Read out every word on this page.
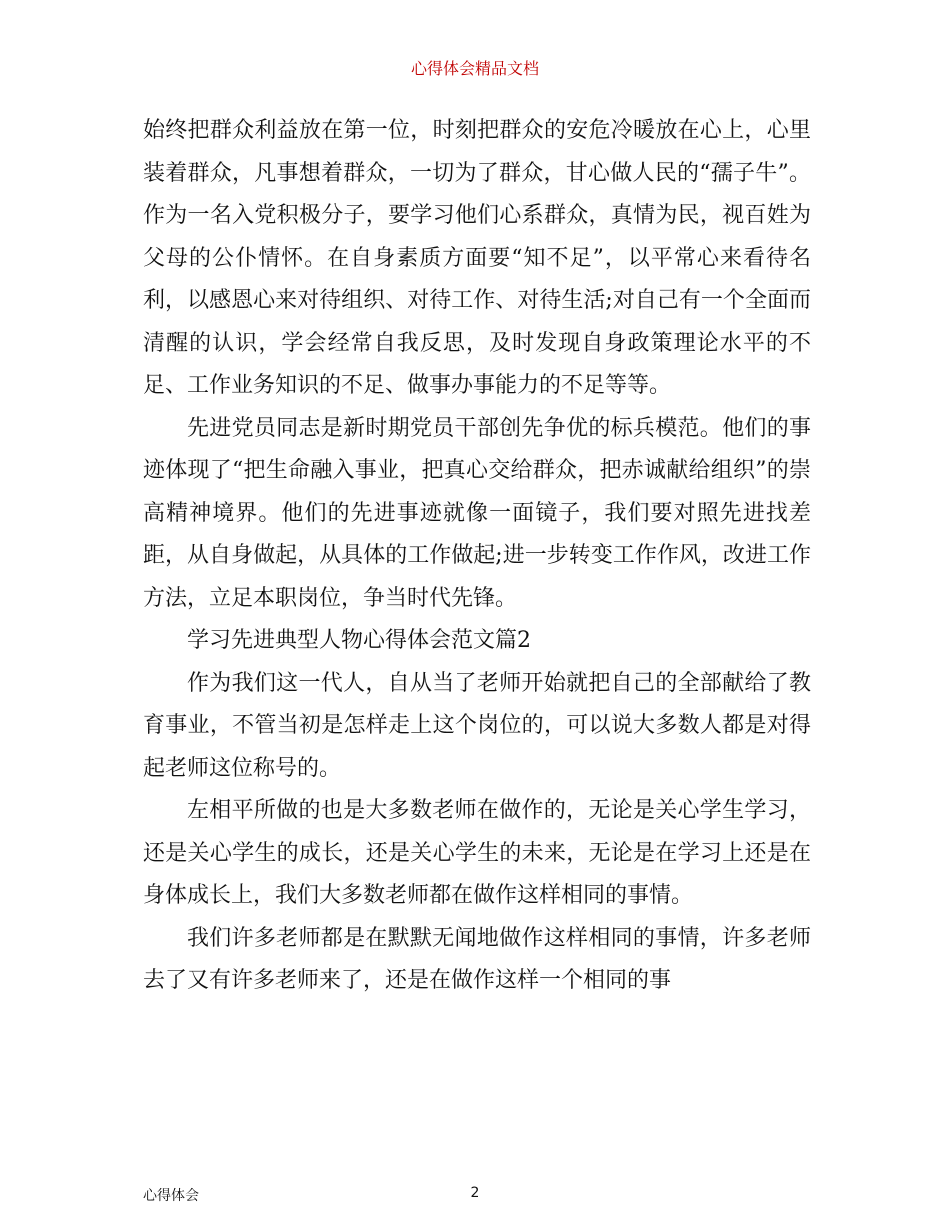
心得体会精品文档

始终把群众利益放在第一位，时刻把群众的安危冷暖放在心上，心里装着群众，凡事想着群众，一切为了群众，甘心做人民的“孺子牛”。作为一名入党积极分子，要学习他们心系群众，真情为民，视百姓为父母的公仆情怀。在自身素质方面要“知不足”，以平常心来看待名利，以感恩心来对待组织、对待工作、对待生活;对自己有一个全面而清醒的认识，学会经常自我反思，及时发现自身政策理论水平的不足、工作业务知识的不足、做事办事能力的不足等等。

先进党员同志是新时期党员干部创先争优的标兵模范。他们的事迹体现了“把生命融入事业，把真心交给群众，把赤诚献给组织”的崇高精神境界。他们的先进事迹就像一面镜子，我们要对照先进找差距，从自身做起，从具体的工作做起;进一步转变工作作风，改进工作方法，立足本职岗位，争当时代先锋。

学习先进典型人物心得体会范文篇2

作为我们这一代人，自从当了老师开始就把自己的全部献给了教育事业，不管当初是怎样走上这个岗位的，可以说大多数人都是对得起老师这位称号的。

左相平所做的也是大多数老师在做作的，无论是关心学生学习，还是关心学生的成长，还是关心学生的未来，无论是在学习上还是在身体成长上，我们大多数老师都在做作这样相同的事情。

我们许多老师都是在默默无闻地做作这样相同的事情，许多老师去了又有许多老师来了，还是在做作这样一个相同的事

心得体会	2
